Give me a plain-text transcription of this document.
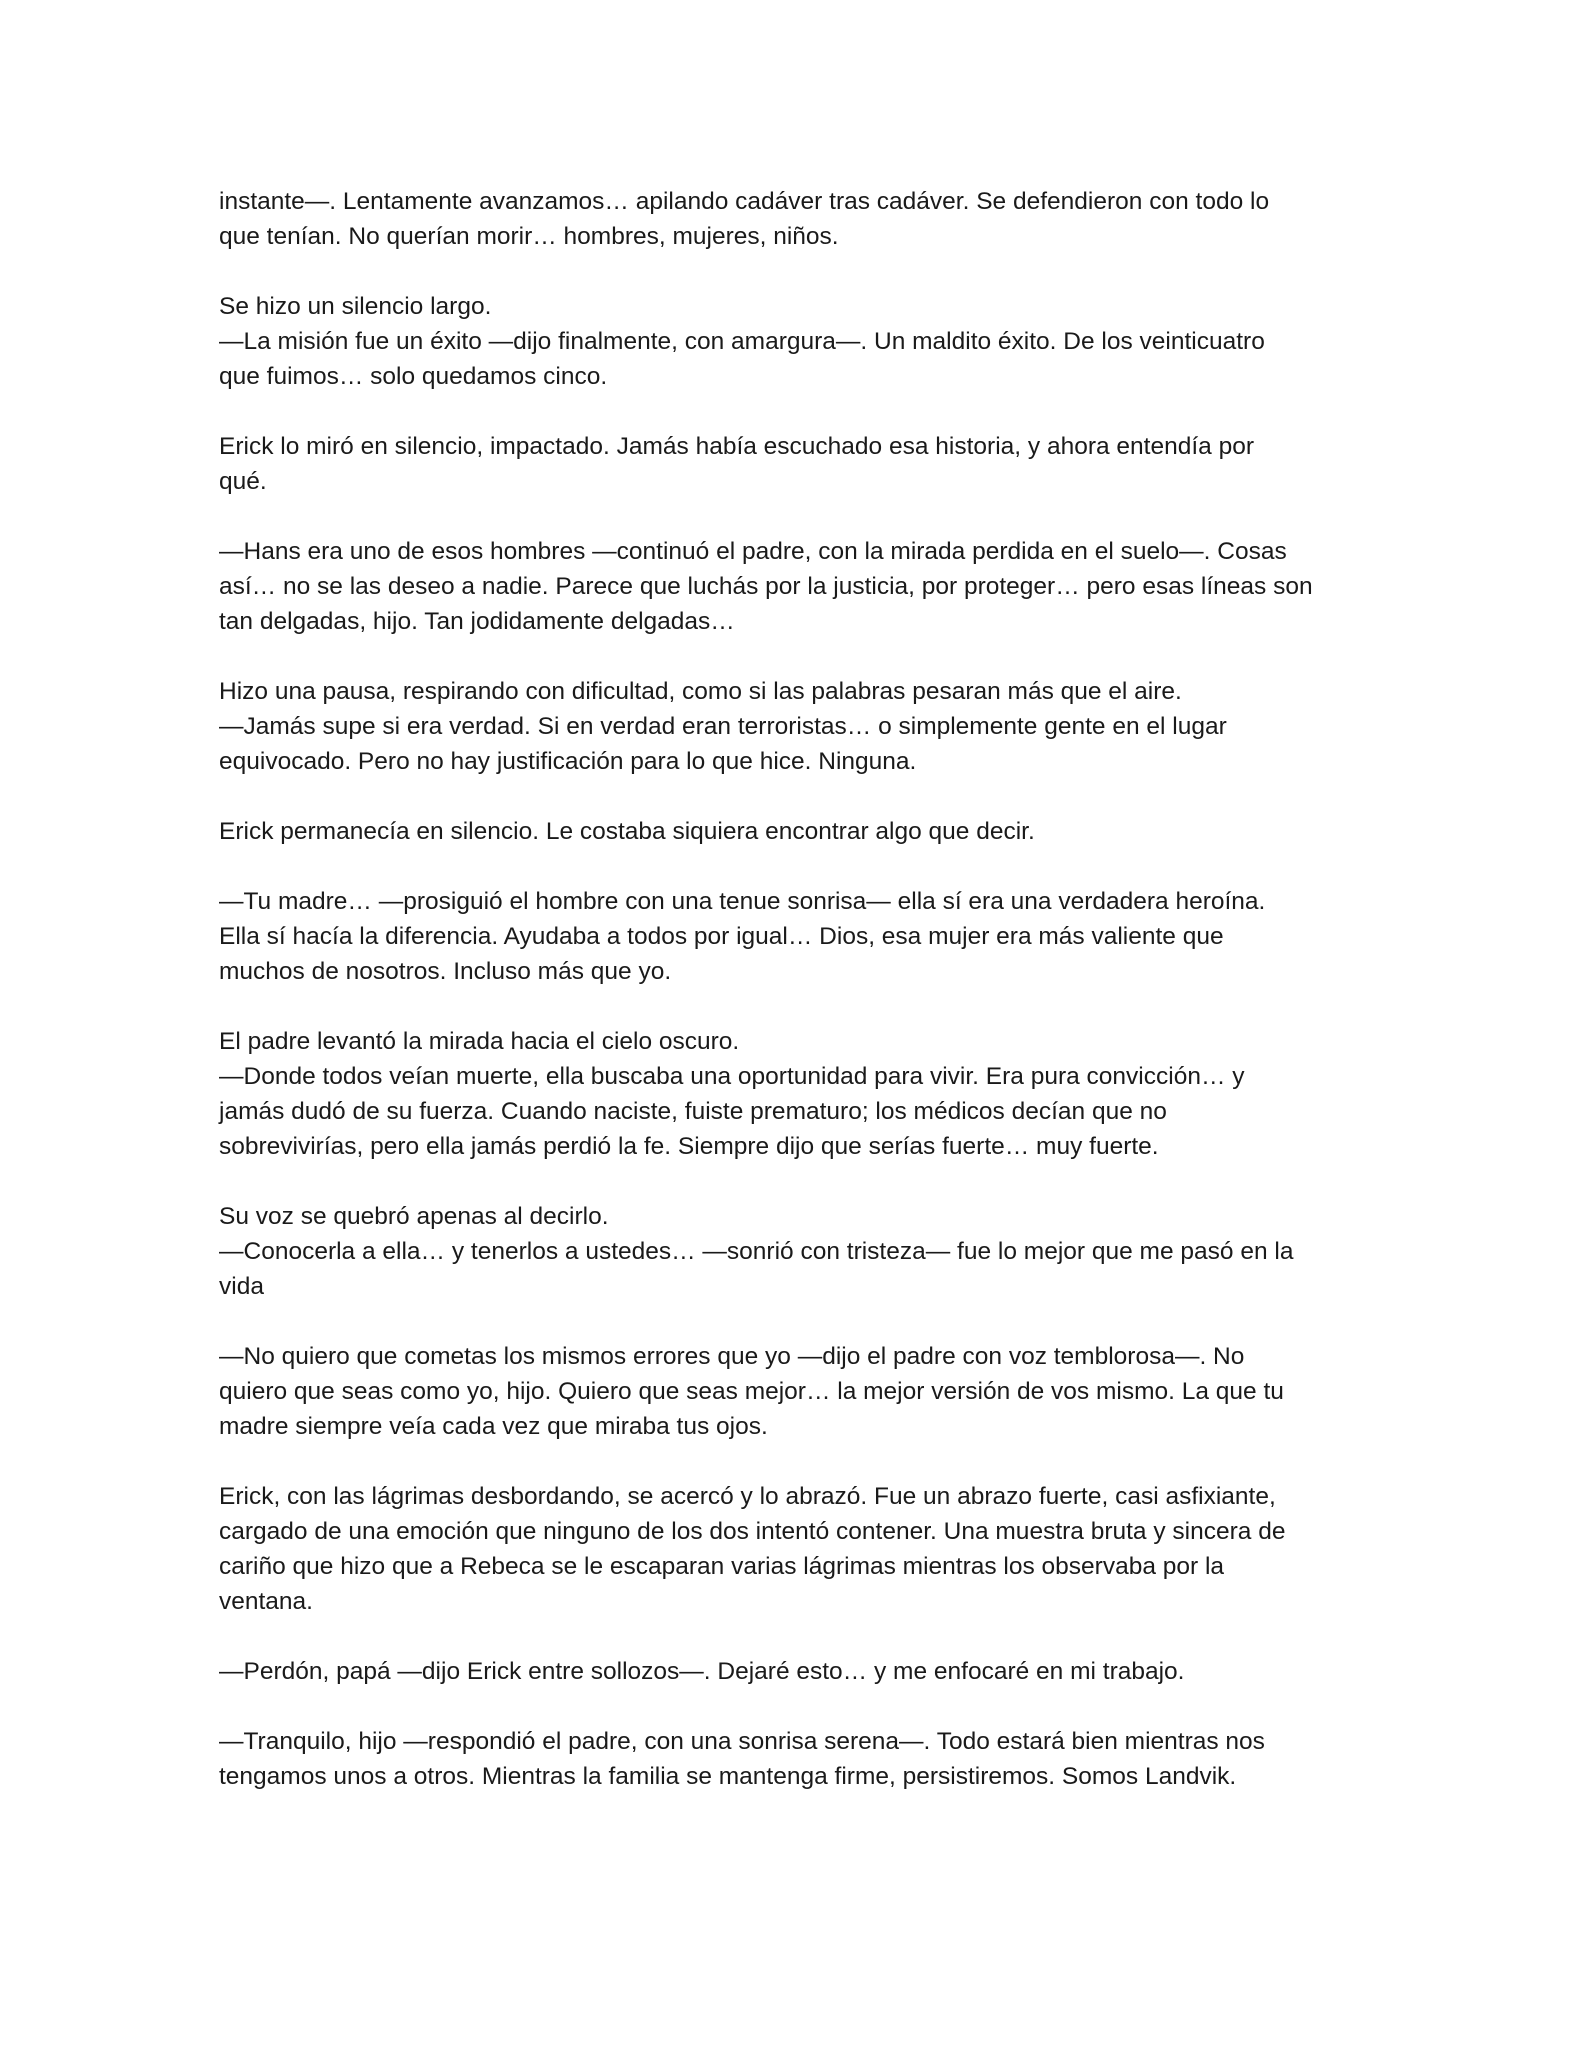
instante—. Lentamente avanzamos… apilando cadáver tras cadáver. Se defendieron con todo lo
que tenían. No querían morir… hombres, mujeres, niños.

Se hizo un silencio largo.
—La misión fue un éxito —dijo finalmente, con amargura—. Un maldito éxito. De los veinticuatro
que fuimos… solo quedamos cinco.

Erick lo miró en silencio, impactado. Jamás había escuchado esa historia, y ahora entendía por
qué.

—Hans era uno de esos hombres —continuó el padre, con la mirada perdida en el suelo—. Cosas
así… no se las deseo a nadie. Parece que luchás por la justicia, por proteger… pero esas líneas son
tan delgadas, hijo. Tan jodidamente delgadas…

Hizo una pausa, respirando con dificultad, como si las palabras pesaran más que el aire.
—Jamás supe si era verdad. Si en verdad eran terroristas… o simplemente gente en el lugar
equivocado. Pero no hay justificación para lo que hice. Ninguna.

Erick permanecía en silencio. Le costaba siquiera encontrar algo que decir.

—Tu madre… —prosiguió el hombre con una tenue sonrisa— ella sí era una verdadera heroína.
Ella sí hacía la diferencia. Ayudaba a todos por igual… Dios, esa mujer era más valiente que
muchos de nosotros. Incluso más que yo.

El padre levantó la mirada hacia el cielo oscuro.
—Donde todos veían muerte, ella buscaba una oportunidad para vivir. Era pura convicción… y
jamás dudó de su fuerza. Cuando naciste, fuiste prematuro; los médicos decían que no
sobrevivirías, pero ella jamás perdió la fe. Siempre dijo que serías fuerte… muy fuerte.

Su voz se quebró apenas al decirlo.
—Conocerla a ella… y tenerlos a ustedes… —sonrió con tristeza— fue lo mejor que me pasó en la
vida

—No quiero que cometas los mismos errores que yo —dijo el padre con voz temblorosa—. No
quiero que seas como yo, hijo. Quiero que seas mejor… la mejor versión de vos mismo. La que tu
madre siempre veía cada vez que miraba tus ojos.

Erick, con las lágrimas desbordando, se acercó y lo abrazó. Fue un abrazo fuerte, casi asfixiante,
cargado de una emoción que ninguno de los dos intentó contener. Una muestra bruta y sincera de
cariño que hizo que a Rebeca se le escaparan varias lágrimas mientras los observaba por la
ventana.

—Perdón, papá —dijo Erick entre sollozos—. Dejaré esto… y me enfocaré en mi trabajo.

—Tranquilo, hijo —respondió el padre, con una sonrisa serena—. Todo estará bien mientras nos
tengamos unos a otros. Mientras la familia se mantenga firme, persistiremos. Somos Landvik.
